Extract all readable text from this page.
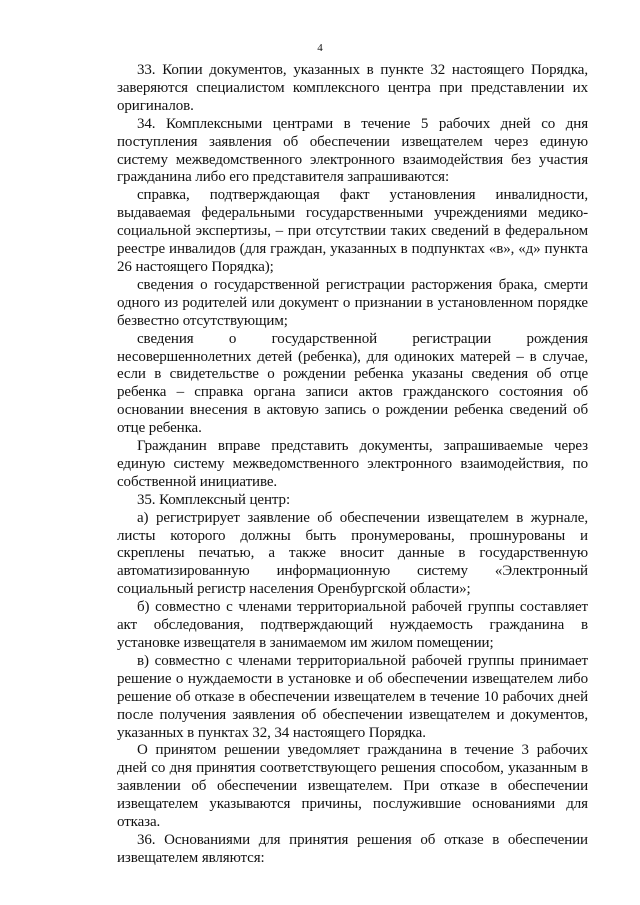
4

33. Копии документов, указанных в пункте 32 настоящего Порядка, заверяются специалистом комплексного центра при представлении их оригиналов.

34. Комплексными центрами в течение 5 рабочих дней со дня поступления заявления об обеспечении извещателем через единую систему межведомственного электронного взаимодействия без участия гражданина либо его представителя запрашиваются:

справка, подтверждающая факт установления инвалидности, выдаваемая федеральными государственными учреждениями медико-социальной экспертизы, – при отсутствии таких сведений в федеральном реестре инвалидов (для граждан, указанных в подпунктах «в», «д» пункта 26 настоящего Порядка);

сведения о государственной регистрации расторжения брака, смерти одного из родителей или документ о признании в установленном порядке безвестно отсутствующим;

сведения о государственной регистрации рождения несовершеннолетних детей (ребенка), для одиноких матерей – в случае, если в свидетельстве о рождении ребенка указаны сведения об отце ребенка – справка органа записи актов гражданского состояния об основании внесения в актовую запись о рождении ребенка сведений об отце ребенка.

Гражданин вправе представить документы, запрашиваемые через единую систему межведомственного электронного взаимодействия, по собственной инициативе.

35. Комплексный центр:

а) регистрирует заявление об обеспечении извещателем в журнале, листы которого должны быть пронумерованы, прошнурованы и скреплены печатью, а также вносит данные в государственную автоматизированную информационную систему «Электронный социальный регистр населения Оренбургской области»;

б) совместно с членами территориальной рабочей группы составляет акт обследования, подтверждающий нуждаемость гражданина в установке извещателя в занимаемом им жилом помещении;

в) совместно с членами территориальной рабочей группы принимает решение о нуждаемости в установке и об обеспечении извещателем либо решение об отказе в обеспечении извещателем в течение 10 рабочих дней после получения заявления об обеспечении извещателем и документов, указанных в пунктах 32, 34 настоящего Порядка.

О принятом решении уведомляет гражданина в течение 3 рабочих дней со дня принятия соответствующего решения способом, указанным в заявлении об обеспечении извещателем. При отказе в обеспечении извещателем указываются причины, послужившие основаниями для отказа.

36. Основаниями для принятия решения об отказе в обеспечении извещателем являются:
